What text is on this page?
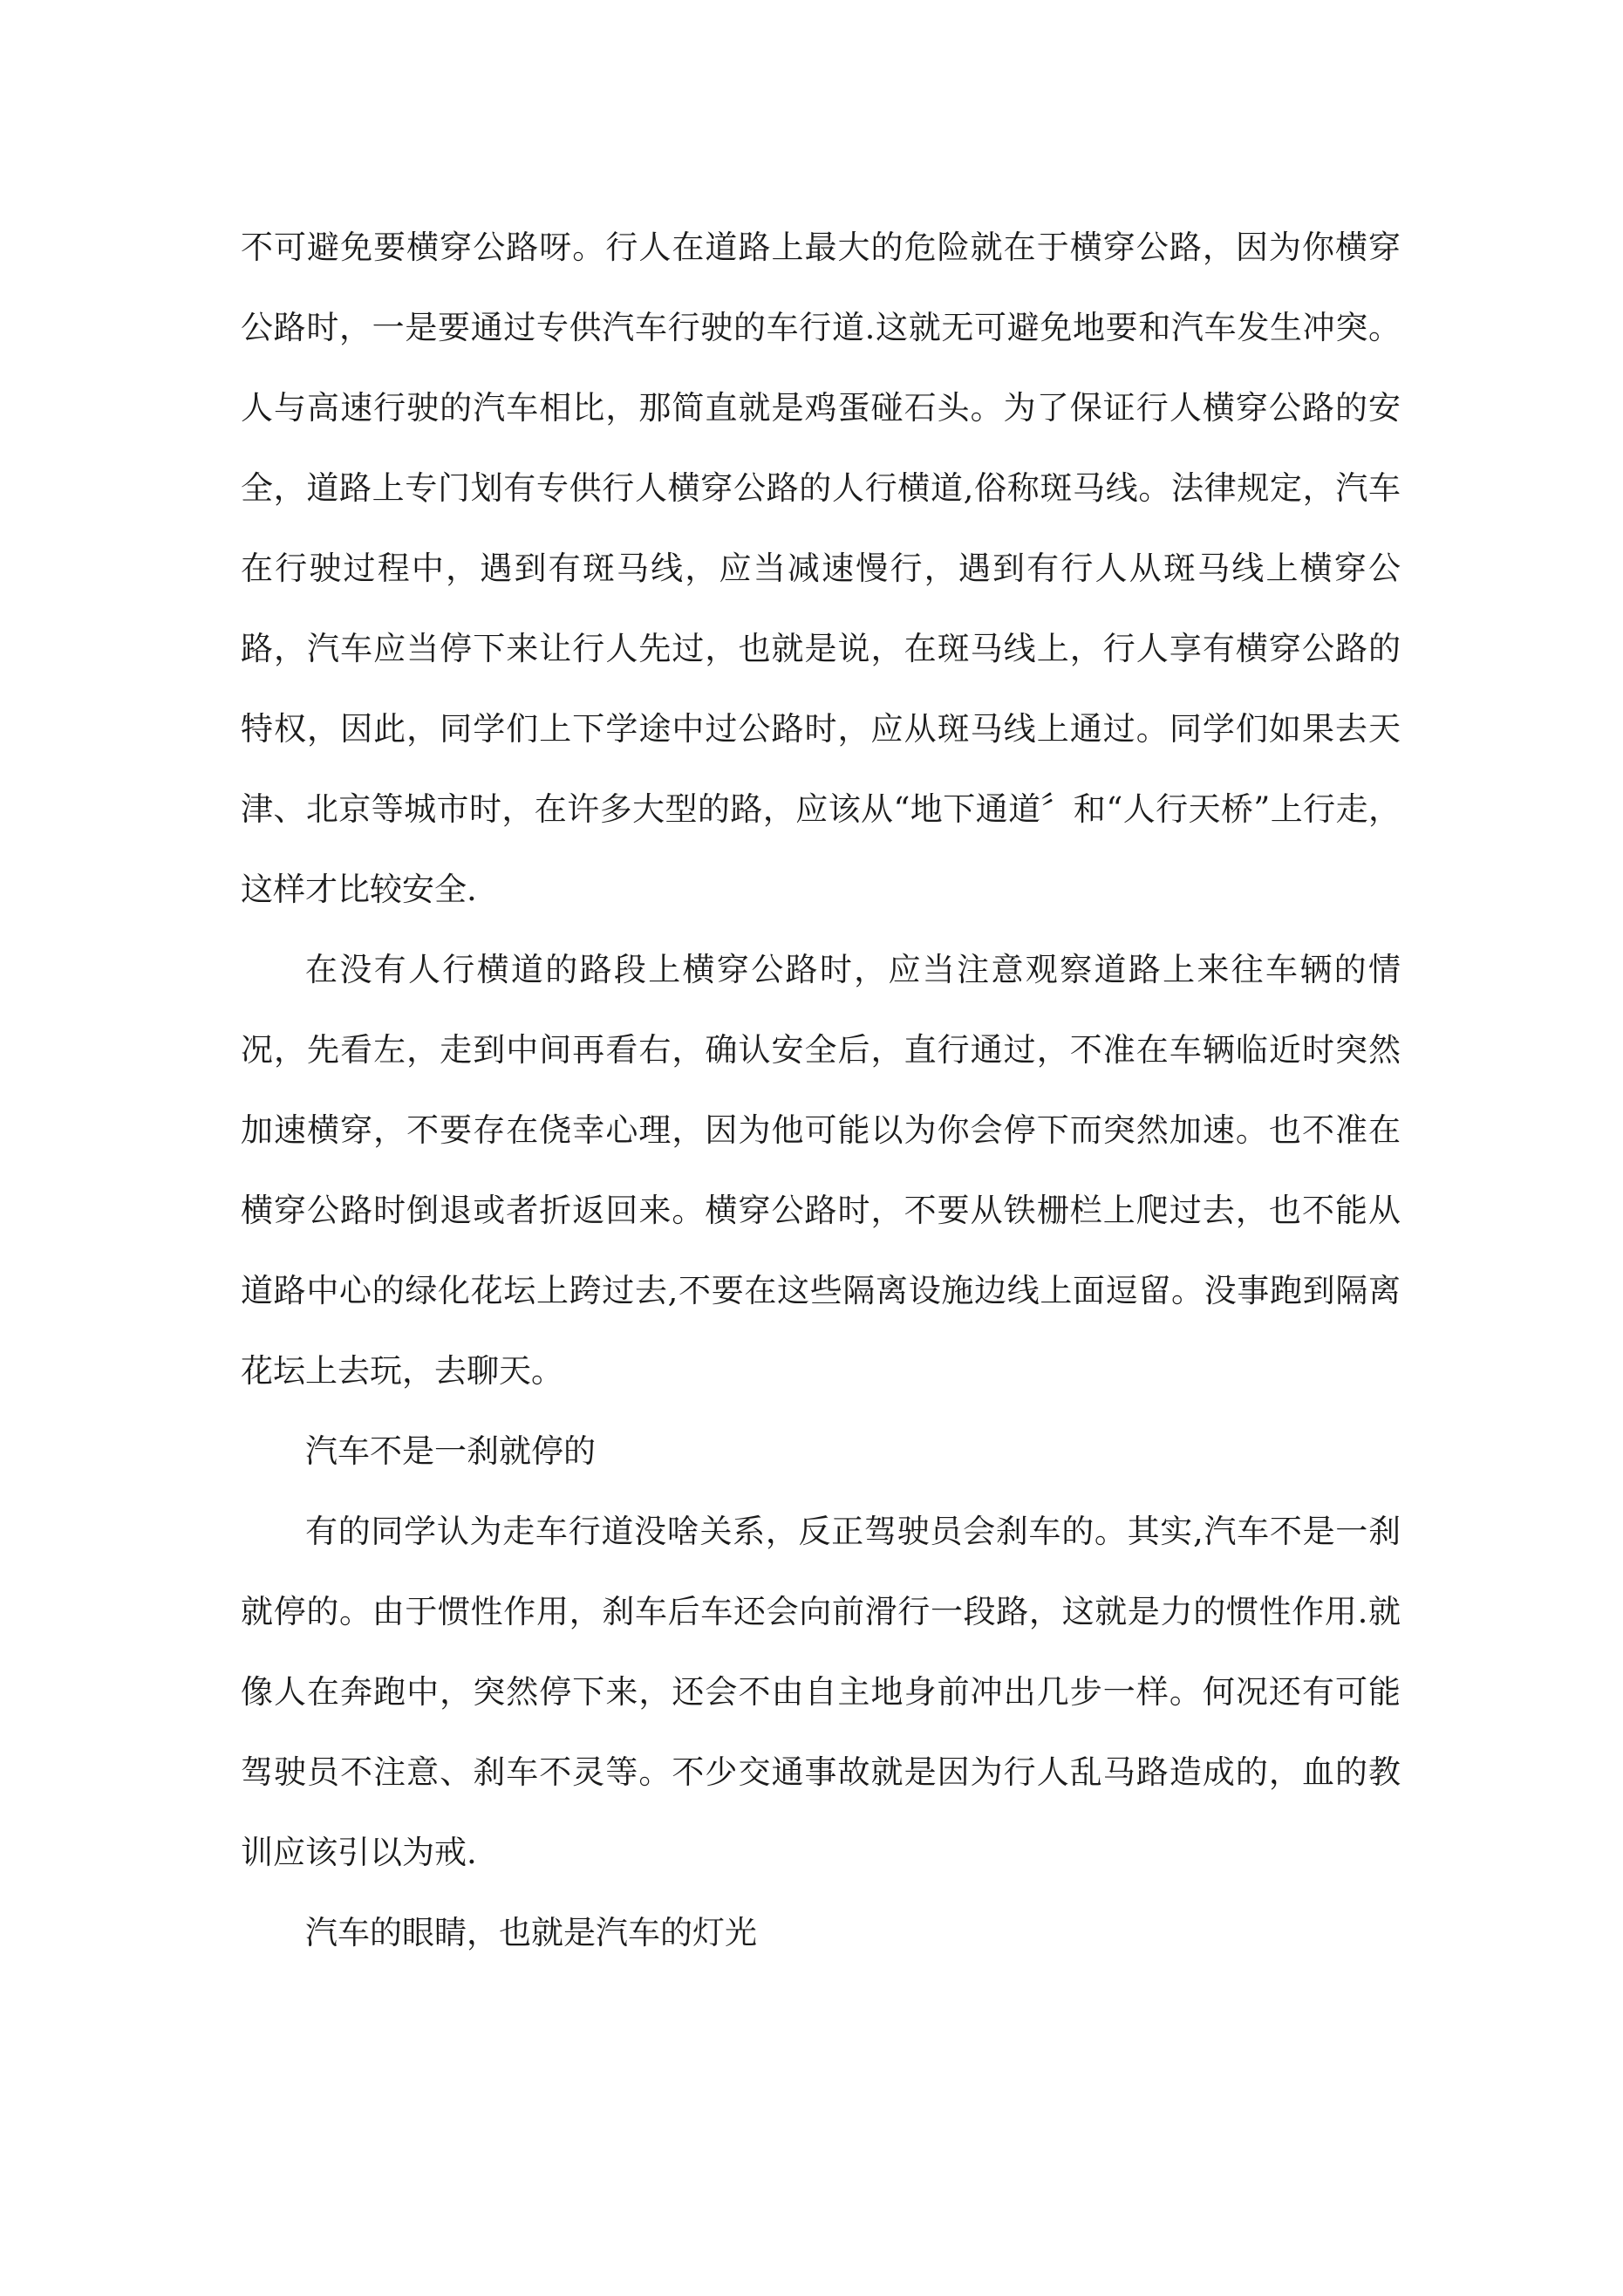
不可避免要横穿公路呀。行人在道路上最大的危险就在于横穿公路，因为你横穿公路时，一是要通过专供汽车行驶的车行道.这就无可避免地要和汽车发生冲突。人与高速行驶的汽车相比，那简直就是鸡蛋碰石头。为了保证行人横穿公路的安全，道路上专门划有专供行人横穿公路的人行横道,俗称斑马线。法律规定，汽车在行驶过程中，遇到有斑马线，应当减速慢行，遇到有行人从斑马线上横穿公路，汽车应当停下来让行人先过，也就是说，在斑马线上，行人享有横穿公路的特权，因此，同学们上下学途中过公路时，应从斑马线上通过。同学们如果去天津、北京等城市时，在许多大型的路，应该从“地下通道〞和“人行天桥”上行走，这样才比较安全.

在没有人行横道的路段上横穿公路时，应当注意观察道路上来往车辆的情况，先看左，走到中间再看右，确认安全后，直行通过，不准在车辆临近时突然加速横穿，不要存在侥幸心理，因为他可能以为你会停下而突然加速。也不准在横穿公路时倒退或者折返回来。横穿公路时，不要从铁栅栏上爬过去，也不能从道路中心的绿化花坛上跨过去,不要在这些隔离设施边线上面逗留。没事跑到隔离花坛上去玩，去聊天。

汽车不是一刹就停的

有的同学认为走车行道没啥关系，反正驾驶员会刹车的。其实,汽车不是一刹就停的。由于惯性作用，刹车后车还会向前滑行一段路，这就是力的惯性作用.就像人在奔跑中，突然停下来，还会不由自主地身前冲出几步一样。何况还有可能驾驶员不注意、刹车不灵等。不少交通事故就是因为行人乱马路造成的，血的教训应该引以为戒.

汽车的眼睛，也就是汽车的灯光
